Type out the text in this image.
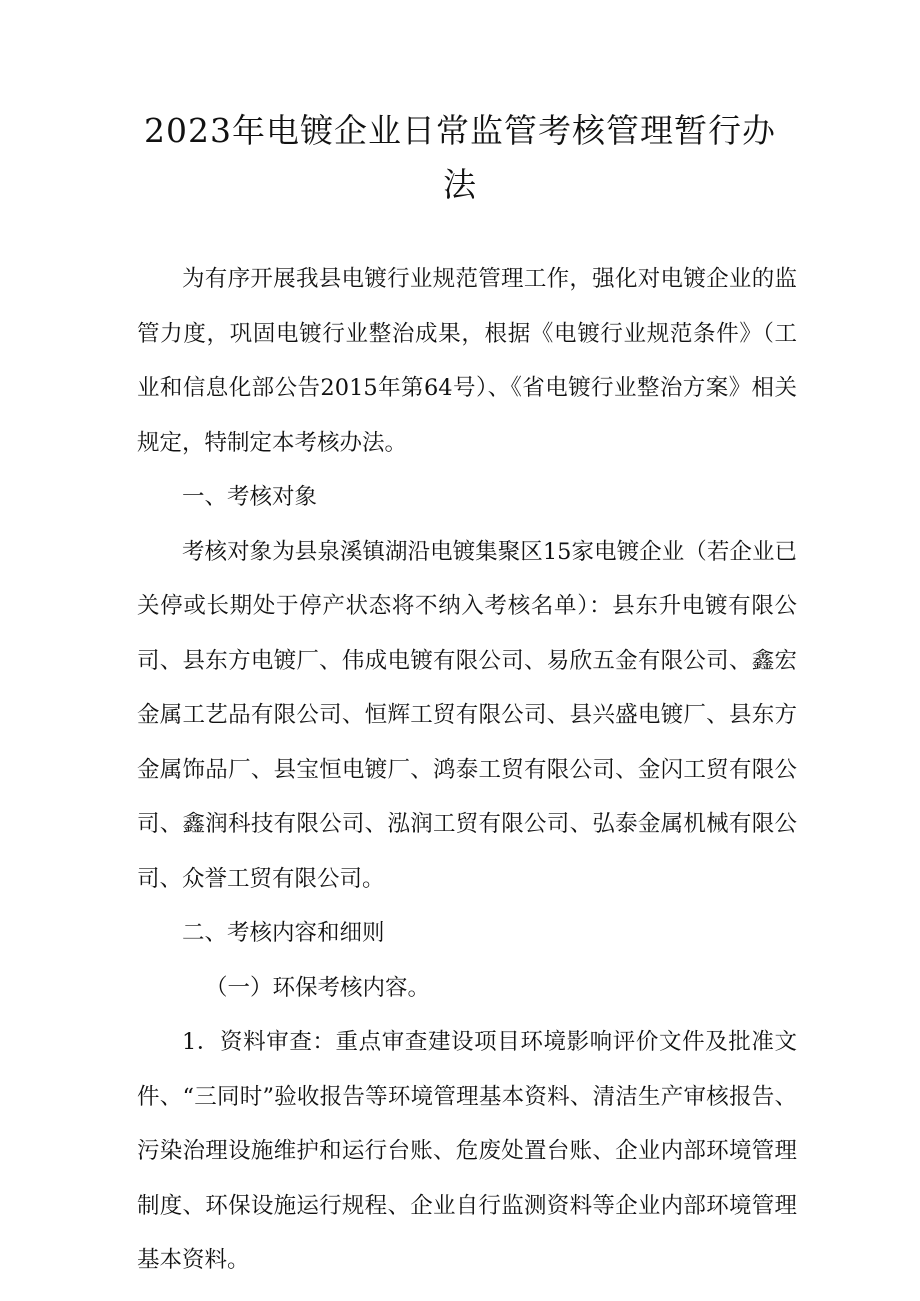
2023年电镀企业日常监管考核管理暂行办
法

为有序开展我县电镀行业规范管理工作，强化对电镀企业的监管力度，巩固电镀行业整治成果，根据《电镀行业规范条件》（工业和信息化部公告2015年第64号）、《省电镀行业整治方案》相关规定，特制定本考核办法。

一、考核对象

考核对象为县泉溪镇湖沿电镀集聚区15家电镀企业（若企业已关停或长期处于停产状态将不纳入考核名单）：县东升电镀有限公司、县东方电镀厂、伟成电镀有限公司、易欣五金有限公司、鑫宏金属工艺品有限公司、恒辉工贸有限公司、县兴盛电镀厂、县东方金属饰品厂、县宝恒电镀厂、鸿泰工贸有限公司、金闪工贸有限公司、鑫润科技有限公司、泓润工贸有限公司、弘泰金属机械有限公司、众誉工贸有限公司。

二、考核内容和细则

（一）环保考核内容。

1．资料审查：重点审查建设项目环境影响评价文件及批准文件、“三同时”验收报告等环境管理基本资料、清洁生产审核报告、污染治理设施维护和运行台账、危废处置台账、企业内部环境管理制度、环保设施运行规程、企业自行监测资料等企业内部环境管理基本资料。
